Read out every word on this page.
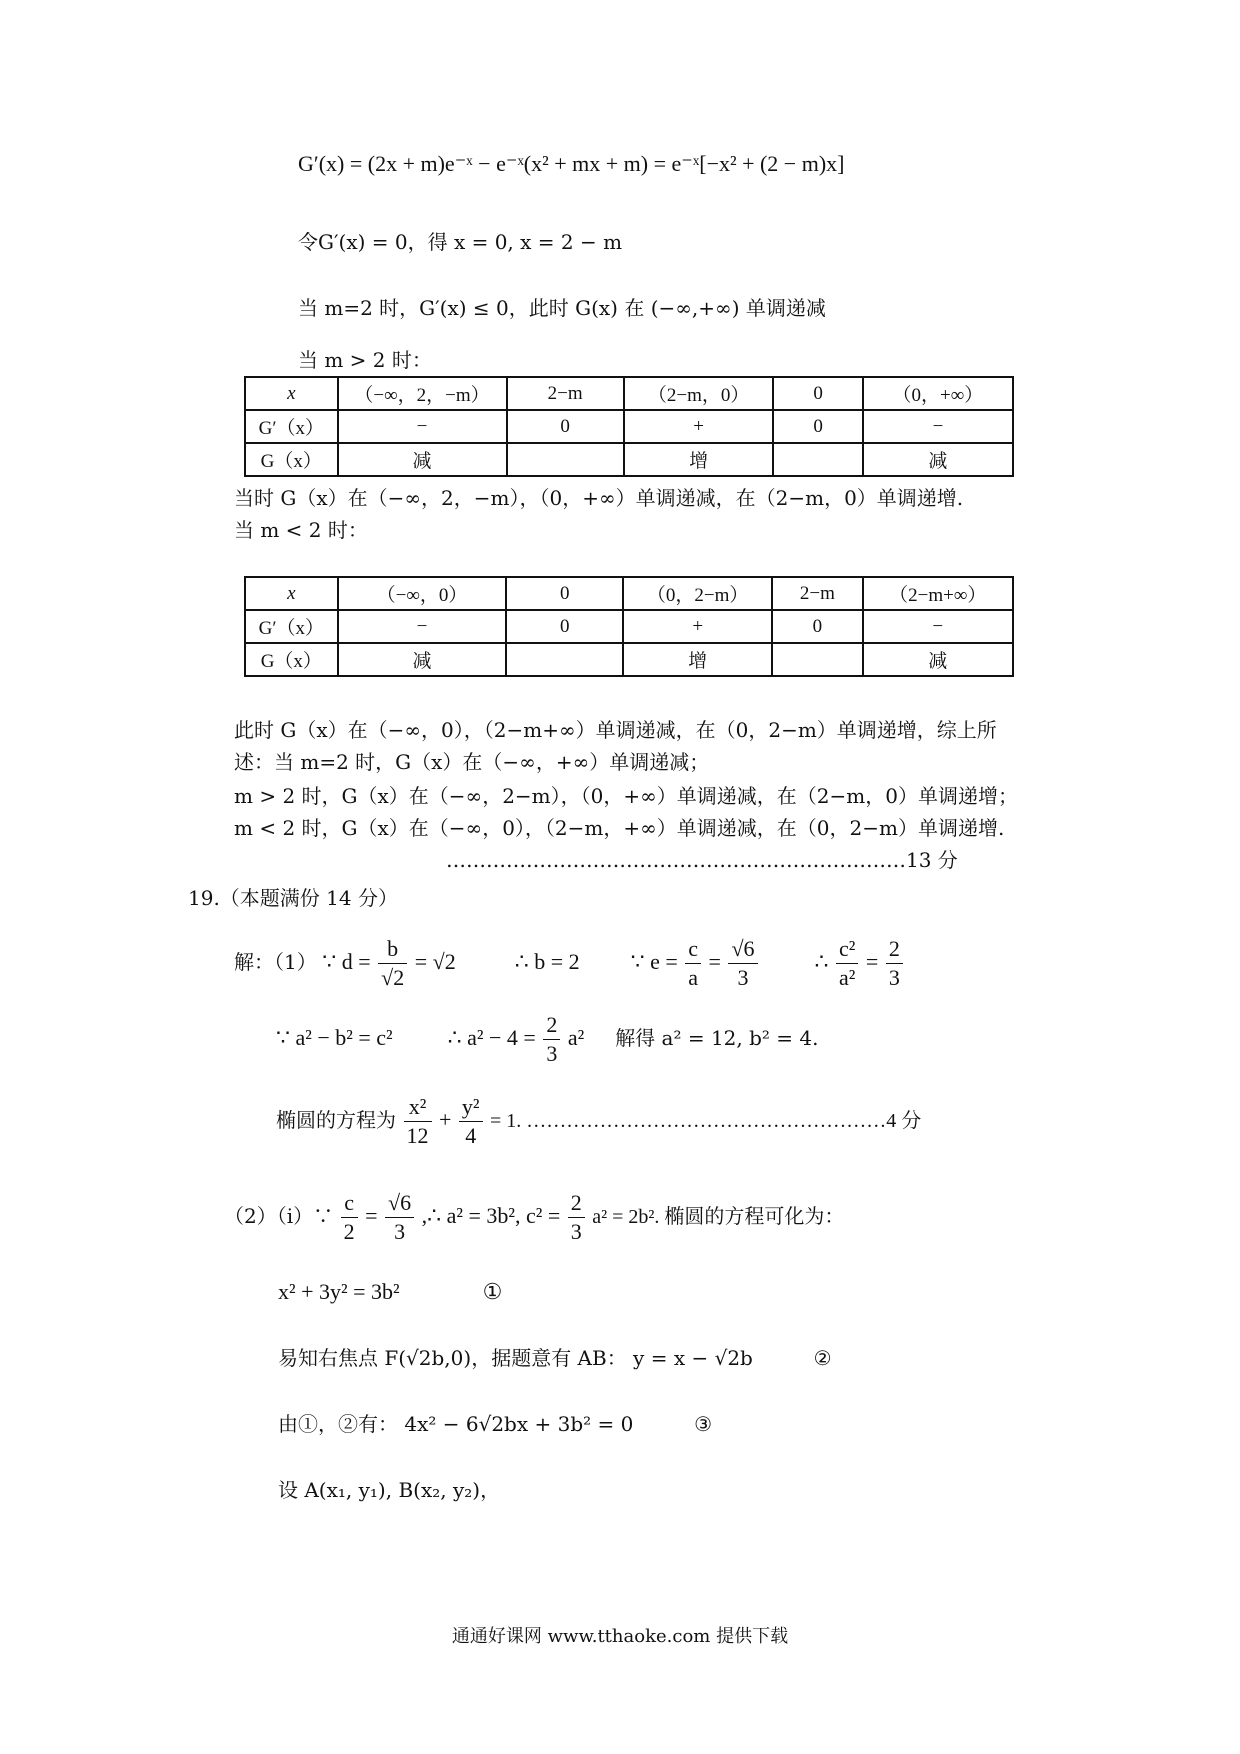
G′(x) = (2x + m)e⁻ˣ − e⁻ˣ(x² + mx + m) = e⁻ˣ[−x² + (2 − m)x]
令G′(x) = 0，得 x = 0, x = 2 − m
当 m=2 时，G′(x) ≤ 0，此时 G(x) 在 (−∞,+∞) 单调递减
当 m > 2 时：
x	（−∞，2，−m）	2−m	（2−m，0）	0	（0，+∞）
G′（x）	−	0	+	0	−
G（x）	减		增		减
当时 G（x）在（−∞，2，−m），（0，+∞）单调递减，在（2−m，0）单调递增.
当 m < 2 时：
x	（−∞，0）	0	（0，2−m）	2−m	（2−m+∞）
G′（x）	−	0	+	0	−
G（x）	减		增		减
此时 G（x）在（−∞，0），（2−m+∞）单调递减，在（0，2−m）单调递增，综上所
述：当 m=2 时，G（x）在（−∞，+∞）单调递减；
m > 2 时，G（x）在（−∞，2−m），（0，+∞）单调递减，在（2−m，0）单调递增；
m < 2 时，G（x）在（−∞，0），（2−m，+∞）单调递减，在（0，2−m）单调递增.
……………………………………………………………13 分
19.（本题满份 14 分）
解：（1） ∵ $d = \frac{b}{√2} = √2$	∴ b = 2 ∵ $e = \frac{c}{a} = \frac{√6}{3}$	∴ $\frac{\text{c²}}{\text{a²}} = \frac{2}{3}$
∵ a² − b² = c²	∴ $a^2 - 4 = \frac{2}{3} a^2$ 解得 a² = 12, b² = 4.
椭圆的方程为 $\frac{\text{x²}}{12} + \frac{\text{y²}}{4} = 1$. ………………………………………………4 分
（2）（i）∵ $\frac{c}{2} = \frac{√6}{3}$ ,∴ a² = 3b², $c^2 = \frac{2}{3} a^2 = 2b^2$. 椭圆的方程可化为：
x² + 3y² = 3b²	①
易知右焦点 F(√2b,0)，据题意有 AB： y = x − √2b	②
由①，②有： 4x² − 6√2bx + 3b² = 0	③
设 A(x₁, y₁), B(x₂, y₂)，
通通好课网 www.tthaoke.com 提供下载
